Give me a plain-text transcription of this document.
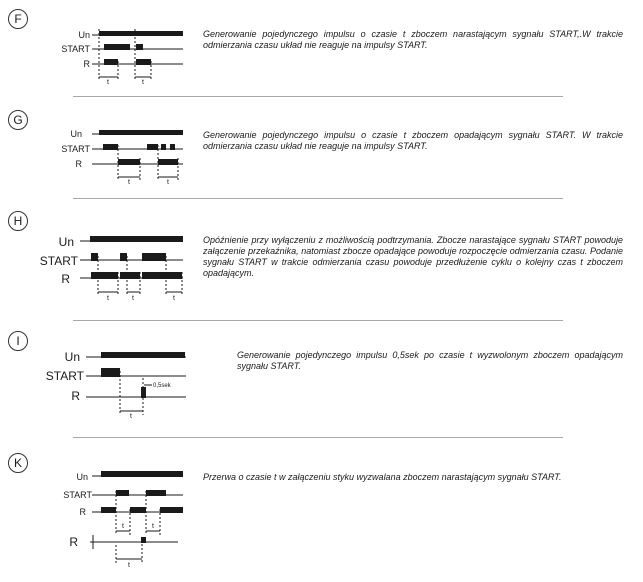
F
Un
START
R
t	t

Generowanie pojedynczego impulsu o czasie t zboczem narastającym sygnału START,.W trakcie odmierzania czasu układ nie reaguje na impulsy START.

G
Un
START
R
t	t

Generowanie pojedynczego impulsu o czasie t zboczem opadającym sygnału START. W trakcie odmierzania czasu układ nie reaguje na impulsy START.

H
Un
START
R
t	t	t

Opóźnienie przy wyłączeniu z możliwością podtrzymania. Zbocze narastające sygnału START powoduje załączenie przekaźnika, natomiast zbocze opadające powoduje rozpoczęcie odmierzania czasu. Podanie sygnału START w trakcie odmierzania czasu powoduje przedłużenie cyklu o kolejny czas t zboczem opadającym.

I
Un
START
R
0,5sek
t

Generowanie pojedynczego impulsu 0,5sek po czasie t wyzwolonym zboczem opadającym sygnału START.

K
Un
START
R
R
t	t
t

Przerwa o czasie t w załączeniu styku wyzwalana zboczem narastającym sygnału START.
